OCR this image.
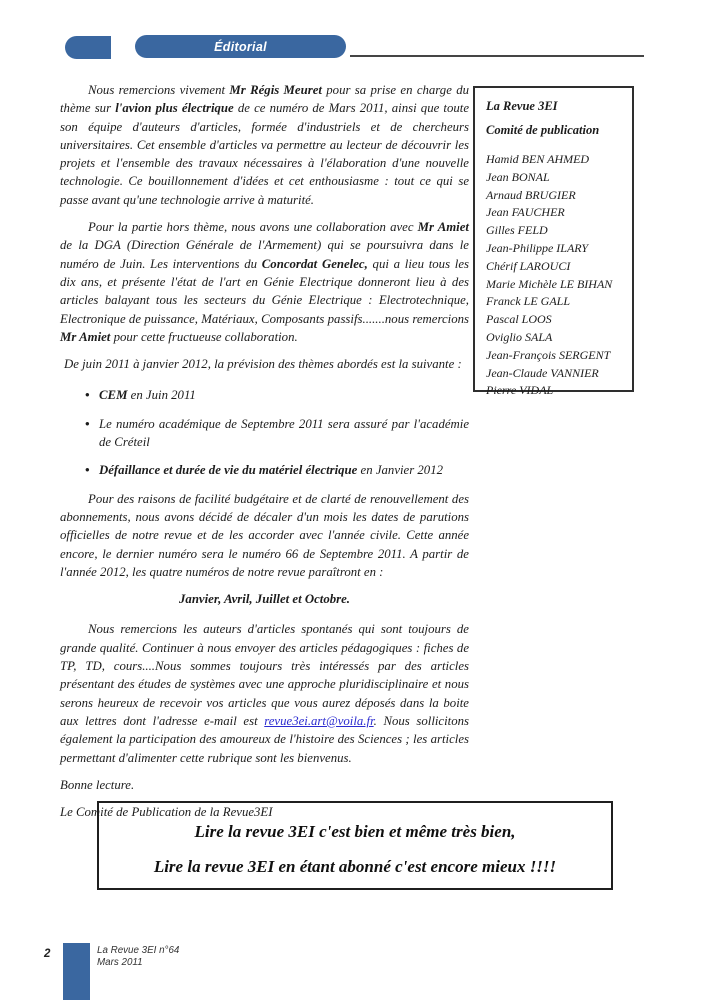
Éditorial
La Revue 3EI
Comité de publication
Hamid BEN AHMED
Jean BONAL
Arnaud BRUGIER
Jean FAUCHER
Gilles FELD
Jean-Philippe ILARY
Chérif LAROUCI
Marie Michèle LE BIHAN
Franck LE GALL
Pascal LOOS
Oviglio SALA
Jean-François SERGENT
Jean-Claude VANNIER
Pierre VIDAL

Nous remercions vivement Mr Régis Meuret pour sa prise en charge du thème sur l'avion plus électrique de ce numéro de Mars 2011, ainsi que toute son équipe d'auteurs d'articles, formée d'industriels et de chercheurs universitaires. Cet ensemble d'articles va permettre au lecteur de découvrir les projets et l'ensemble des travaux nécessaires à l'élaboration d'une nouvelle technologie. Ce bouillonnement d'idées et cet enthousiasme : tout ce qui se passe avant qu'une technologie arrive à maturité.

Pour la partie hors thème, nous avons une collaboration avec Mr Amiet de la DGA (Direction Générale de l'Armement) qui se poursuivra dans le numéro de Juin. Les interventions du Concordat Genelec, qui a lieu tous les dix ans, et présente l'état de l'art en Génie Electrique donneront lieu à des articles balayant tous les secteurs du Génie Electrique : Electrotechnique, Electronique de puissance, Matériaux, Composants passifs.......nous remercions Mr Amiet pour cette fructueuse collaboration.

De juin 2011 à janvier 2012, la prévision des thèmes abordés est la suivante :

• CEM en Juin 2011
• Le numéro académique de Septembre 2011 sera assuré par l'académie de Créteil
• Défaillance et durée de vie du matériel électrique en Janvier 2012

Pour des raisons de facilité budgétaire et de clarté de renouvellement des abonnements, nous avons décidé de décaler d'un mois les dates de parutions officielles de notre revue et de les accorder avec l'année civile. Cette année encore, le dernier numéro sera le numéro 66 de Septembre 2011. A partir de l'année 2012, les quatre numéros de notre revue paraîtront en :

Janvier, Avril, Juillet et Octobre.

Nous remercions les auteurs d'articles spontanés qui sont toujours de grande qualité. Continuer à nous envoyer des articles pédagogiques : fiches de TP, TD, cours....Nous sommes toujours très intéressés par des articles présentant des études de systèmes avec une approche pluridisciplinaire et nous serons heureux de recevoir vos articles que vous aurez déposés dans la boite aux lettres dont l'adresse e-mail est revue3ei.art@voila.fr. Nous sollicitons également la participation des amoureux de l'histoire des Sciences ; les articles permettant d'alimenter cette rubrique sont les bienvenus.

Bonne lecture.

Le Comité de Publication de la Revue3EI

Lire la revue 3EI c'est bien et même très bien,
Lire la revue 3EI en étant abonné c'est encore mieux !!!!
2	La Revue 3EI n°64
Mars 2011
